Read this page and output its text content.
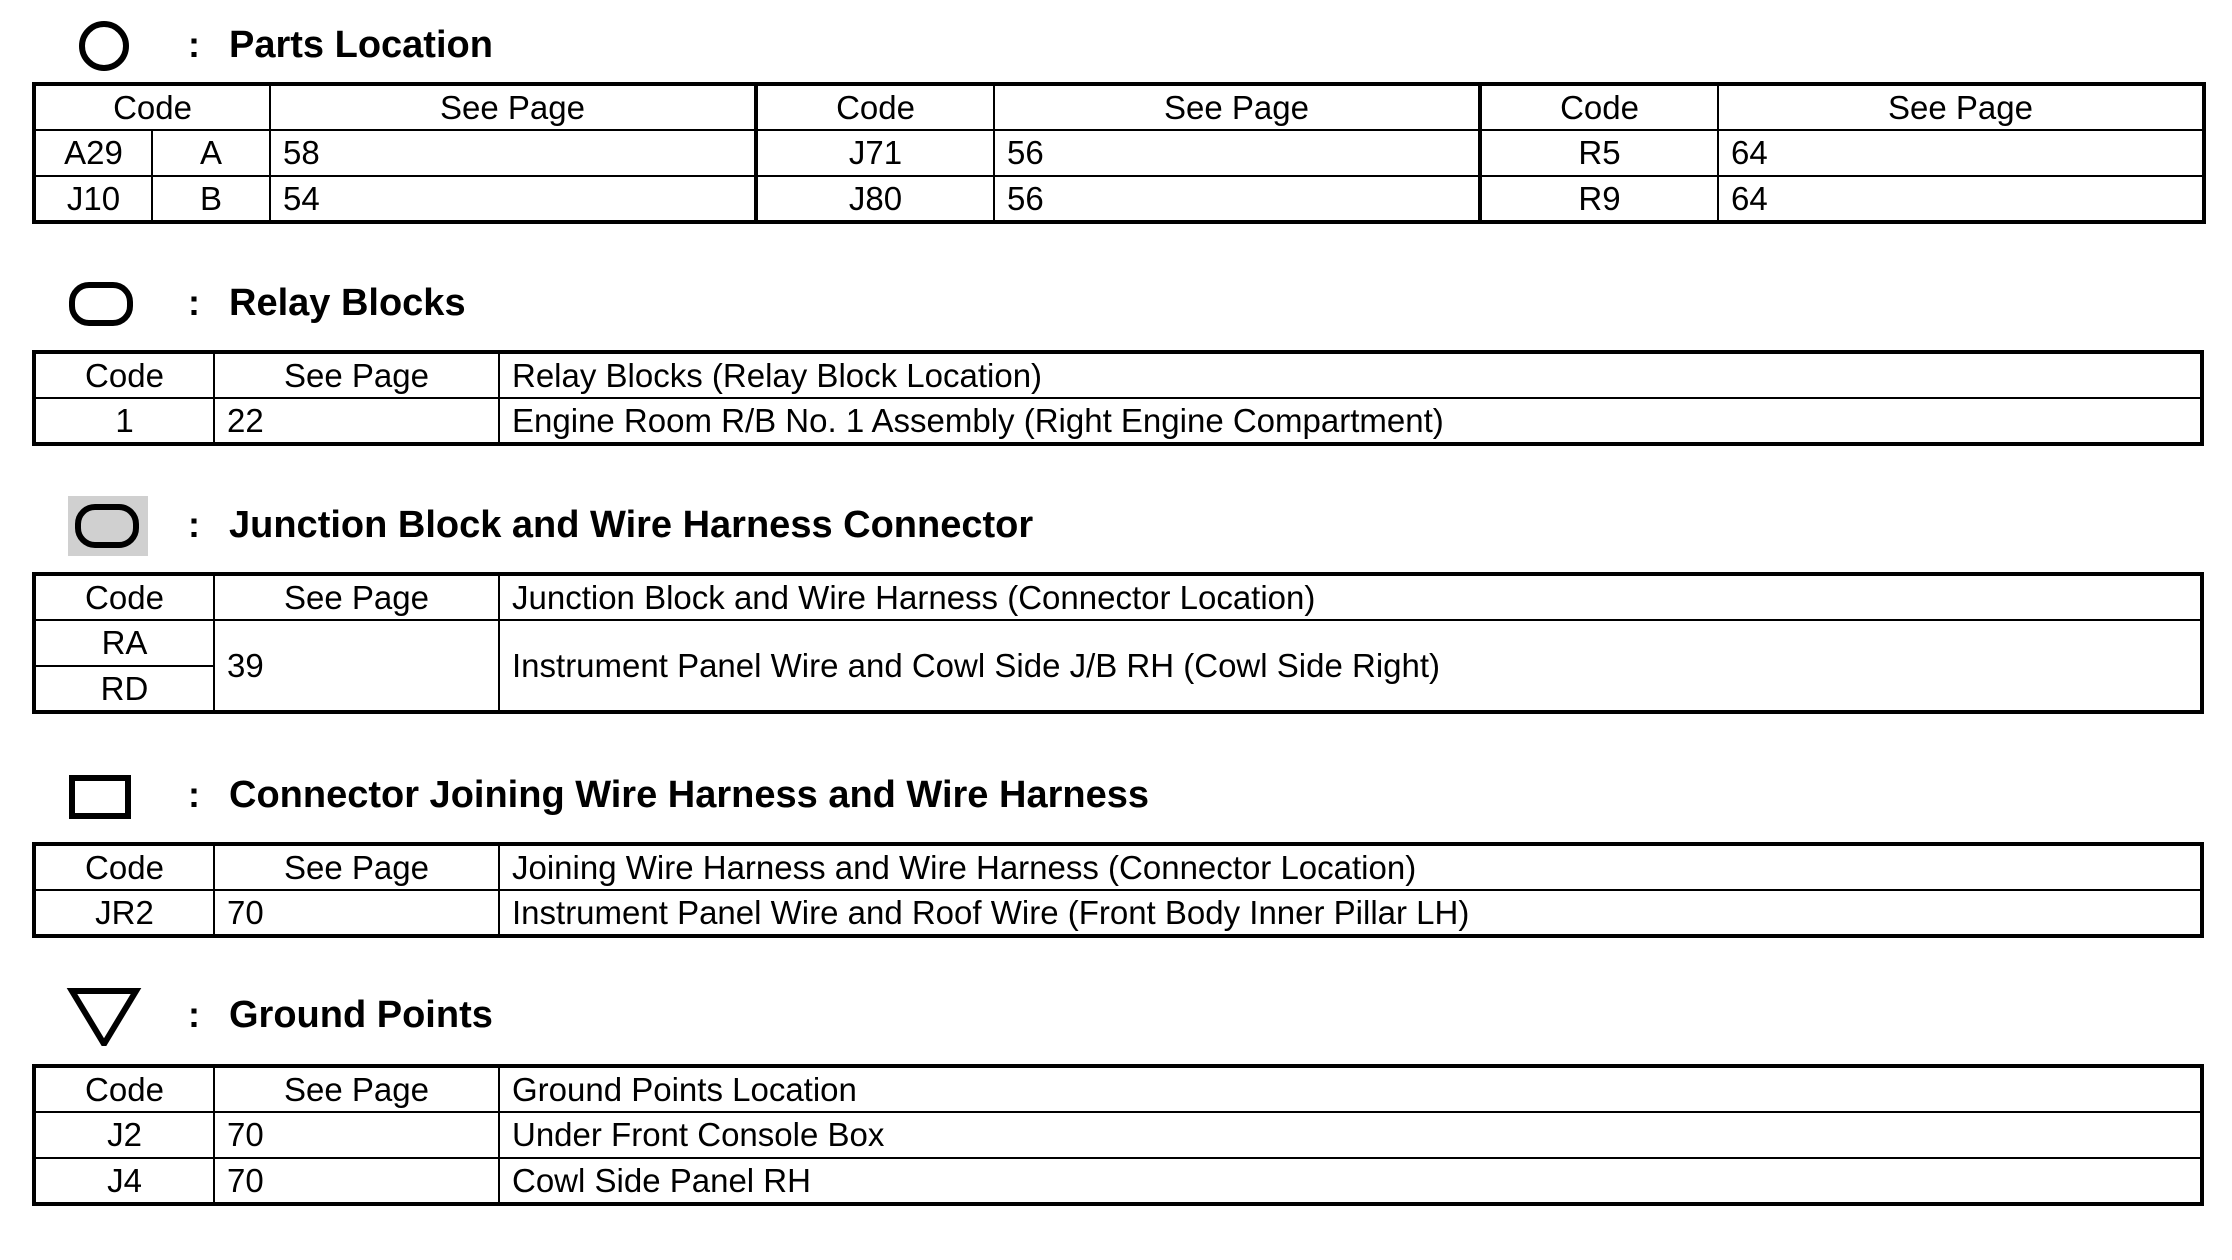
: Parts Location
Code		See Page	Code	See Page	Code	See Page
A29	A	58	J71	56	R5	64
J10	B	54	J80	56	R9	64
: Relay Blocks
Code	See Page	Relay Blocks (Relay Block Location)
1	22	Engine Room R/B No. 1 Assembly (Right Engine Compartment)
: Junction Block and Wire Harness Connector
Code	See Page	Junction Block and Wire Harness (Connector Location)
RA	39	Instrument Panel Wire and Cowl Side J/B RH (Cowl Side Right)
RD		
: Connector Joining Wire Harness and Wire Harness
Code	See Page	Joining Wire Harness and Wire Harness (Connector Location)
JR2	70	Instrument Panel Wire and Roof Wire (Front Body Inner Pillar LH)
: Ground Points
Code	See Page	Ground Points Location
J2	70	Under Front Console Box
J4	70	Cowl Side Panel RH
